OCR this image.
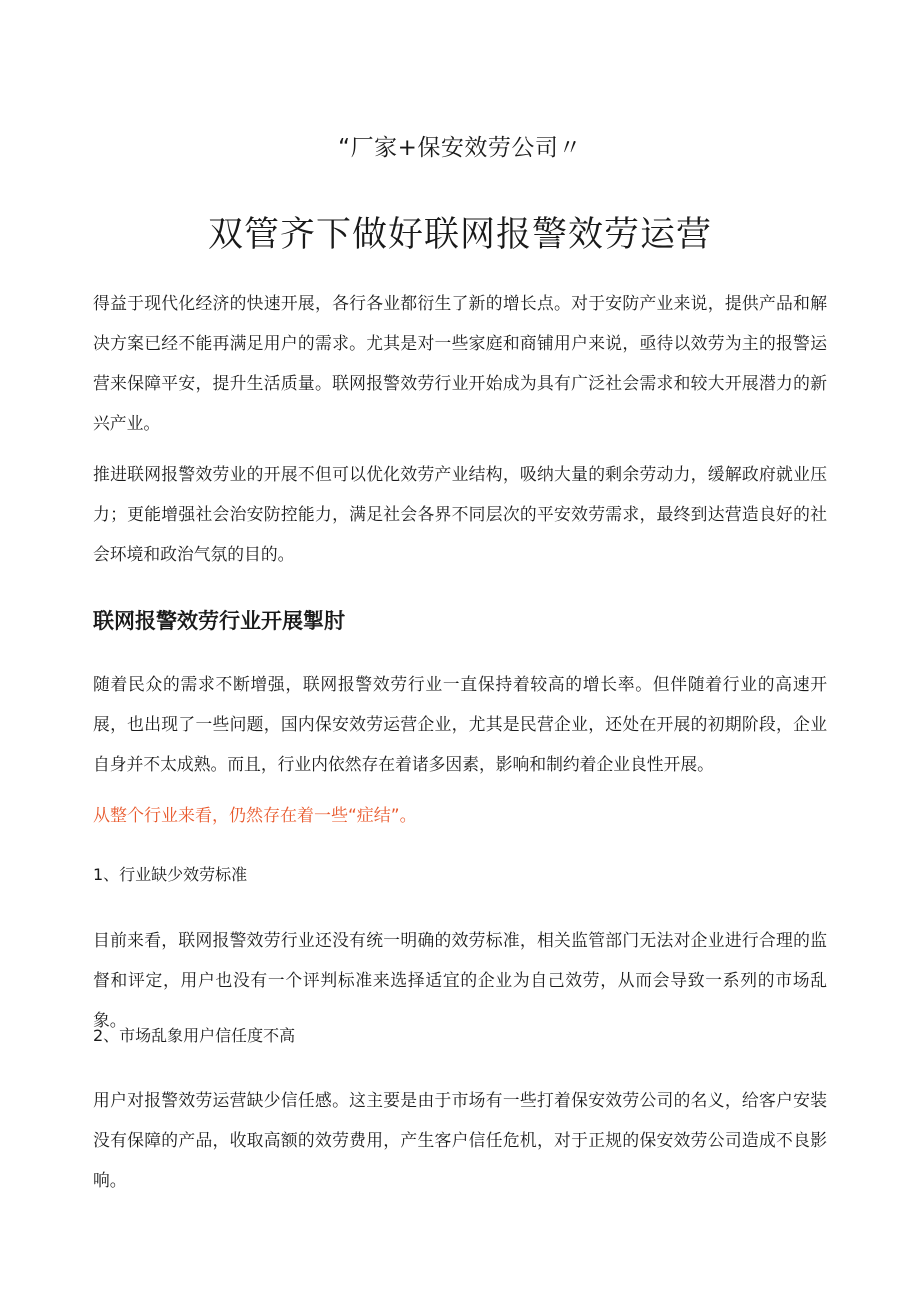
“厂家+保安效劳公司〃
双管齐下做好联网报警效劳运营

得益于现代化经济的快速开展，各行各业都衍生了新的增长点。对于安防产业来说，提供产品和解决方案已经不能再满足用户的需求。尤其是对一些家庭和商铺用户来说，亟待以效劳为主的报警运营来保障平安，提升生活质量。联网报警效劳行业开始成为具有广泛社会需求和较大开展潜力的新兴产业。

推进联网报警效劳业的开展不但可以优化效劳产业结构，吸纳大量的剩余劳动力，缓解政府就业压力；更能增强社会治安防控能力，满足社会各界不同层次的平安效劳需求，最终到达营造良好的社会环境和政治气氛的目的。

联网报警效劳行业开展掣肘

随着民众的需求不断增强，联网报警效劳行业一直保持着较高的增长率。但伴随着行业的高速开展，也出现了一些问题，国内保安效劳运营企业，尤其是民营企业，还处在开展的初期阶段，企业自身并不太成熟。而且，行业内依然存在着诸多因素，影响和制约着企业良性开展。

从整个行业来看，仍然存在着一些“症结”。
1、行业缺少效劳标准

目前来看，联网报警效劳行业还没有统一明确的效劳标准，相关监管部门无法对企业进行合理的监督和评定，用户也没有一个评判标准来选择适宜的企业为自己效劳，从而会导致一系列的市场乱象。

2、市场乱象用户信任度不高

用户对报警效劳运营缺少信任感。这主要是由于市场有一些打着保安效劳公司的名义，给客户安装没有保障的产品，收取高额的效劳费用，产生客户信任危机，对于正规的保安效劳公司造成不良影响。
